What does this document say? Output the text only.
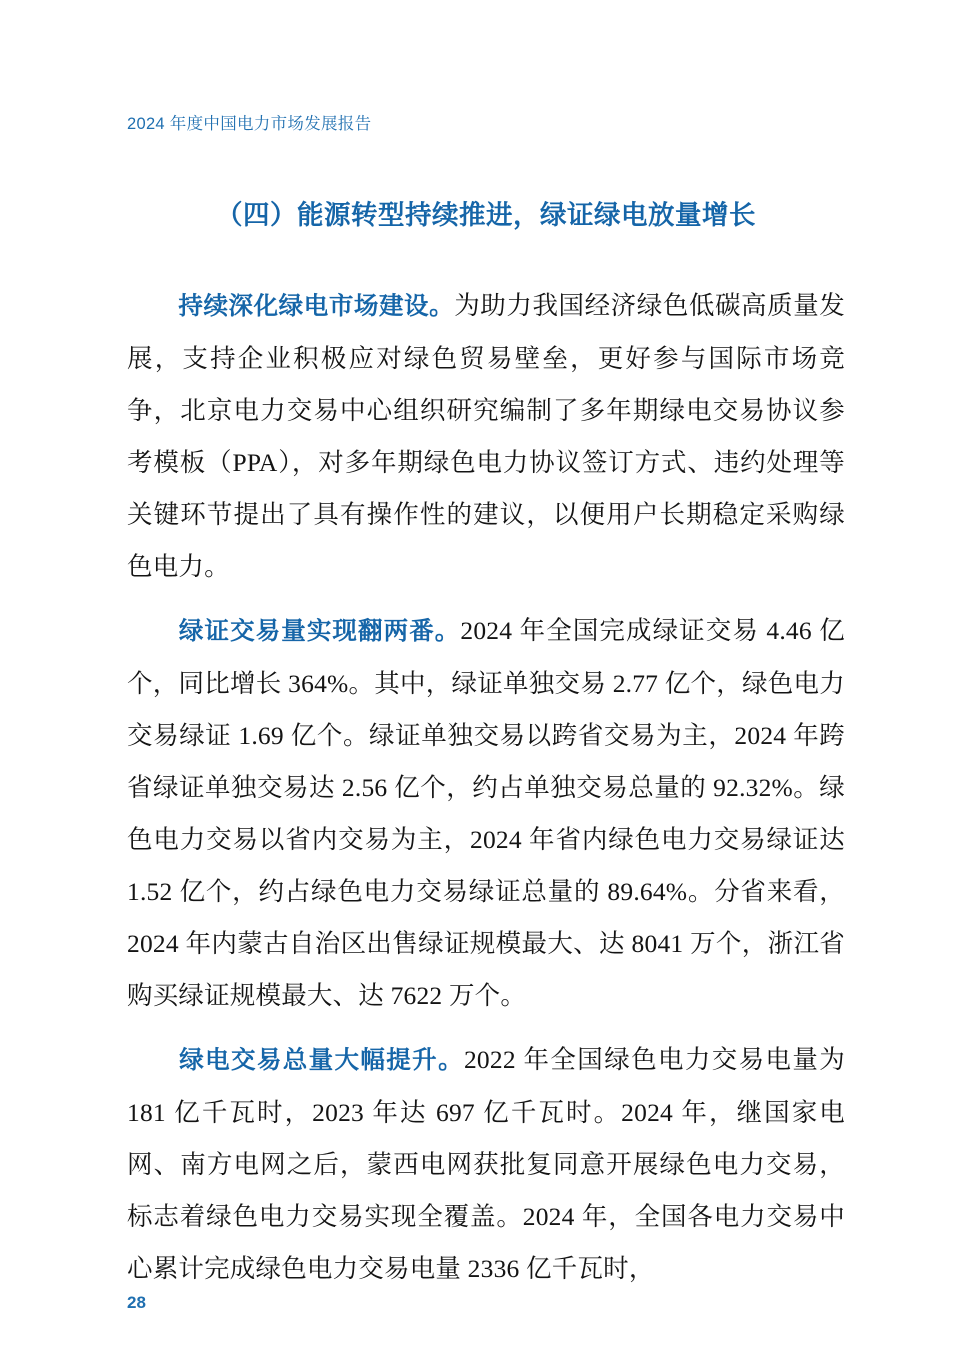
2024 年度中国电力市场发展报告
（四）能源转型持续推进，绿证绿电放量增长

持续深化绿电市场建设。为助力我国经济绿色低碳高质量发展，支持企业积极应对绿色贸易壁垒，更好参与国际市场竞争，北京电力交易中心组织研究编制了多年期绿电交易协议参考模板（PPA），对多年期绿色电力协议签订方式、违约处理等关键环节提出了具有操作性的建议，以便用户长期稳定采购绿色电力。

绿证交易量实现翻两番。2024 年全国完成绿证交易 4.46 亿个，同比增长 364%。其中，绿证单独交易 2.77 亿个，绿色电力交易绿证 1.69 亿个。绿证单独交易以跨省交易为主，2024 年跨省绿证单独交易达 2.56 亿个，约占单独交易总量的 92.32%。绿色电力交易以省内交易为主，2024 年省内绿色电力交易绿证达 1.52 亿个，约占绿色电力交易绿证总量的 89.64%。分省来看，2024 年内蒙古自治区出售绿证规模最大、达 8041 万个，浙江省购买绿证规模最大、达 7622 万个。

绿电交易总量大幅提升。2022 年全国绿色电力交易电量为 181 亿千瓦时，2023 年达 697 亿千瓦时。2024 年，继国家电网、南方电网之后，蒙西电网获批复同意开展绿色电力交易，标志着绿色电力交易实现全覆盖。2024 年，全国各电力交易中心累计完成绿色电力交易电量 2336 亿千瓦时，

28
